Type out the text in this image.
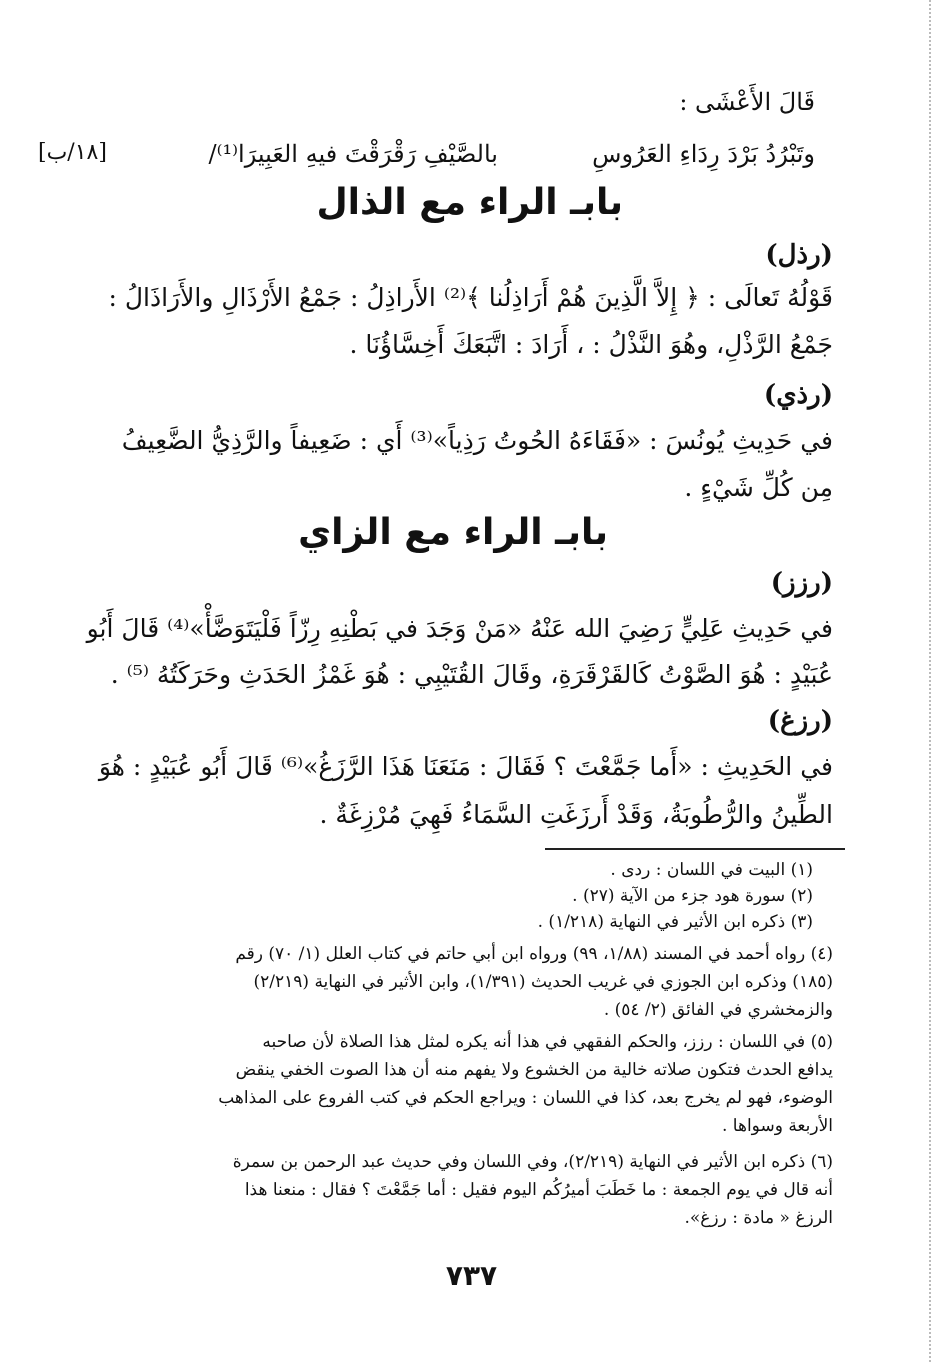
قَالَ الأَعْشَى :
[١٨/ب]	وتَبْرُدُ بَرْدَ رِدَاءِ العَرُوسِ
بالصَّيْفِ رَقْرَقْتَ فيهِ العَبِيرَا⁽¹⁾/
بابـ الراء مع الذال
(رذل)
قَوْلُهُ تَعالَى : ﴿ إِلاَّ الَّذِينَ هُمْ أَرَاذِلُنا ﴾⁽²⁾ الأَراذِلُ : جَمْعُ الأَرْذَالِ والأَرَاذَالُ :
جَمْعُ الرَّذْلِ، وهُوَ النَّذْلُ : ، أَرَادَ : اتَّبَعَكَ أَخِسَّاؤُنَا .
(رذي)
في حَدِيثِ يُونُسَ : «فَقَاءَهُ الحُوتُ رَذِياً»⁽³⁾ أَي : ضَعِيفاً والرَّذِيُّ الضَّعِيفُ
مِن كُلِّ شَيْءٍ .
بابـ الراء مع الزاي
(رزز)
في حَدِيثِ عَلِيٍّ رَضِيَ الله عَنْهُ «مَنْ وَجَدَ في بَطْنِهِ رِزّاً فَلْيَتَوَضَّأْ»⁽⁴⁾ قَالَ أَبُو
عُبَيْدٍ : هُوَ الصَّوْتُ كَالقَرْقَرَةِ، وقَالَ القُتَيْبِي : هُوَ غَمْزُ الحَدَثِ وحَرَكَتُهُ ⁽⁵⁾ .
(رزغ)
في الحَدِيثِ : «أَما جَمَّعْتَ ؟ فَقَالَ : مَنَعَنَا هَذَا الرَّزَغُ»⁽⁶⁾ قَالَ أَبُو عُبَيْدٍ : هُوَ
الطِّينُ والرُّطُوبَةُ، وَقَدْ أَرزَغَتِ السَّمَاءُ فَهِيَ مُرْزِغَةٌ .
(١) البيت في اللسان : ردى .
(٢) سورة هود جزء من الآية (٢٧) .
(٣) ذكره ابن الأثير في النهاية (١/٢١٨) .
(٤) رواه أحمد في المسند (١/٨٨، ٩٩) ورواه ابن أبي حاتم في كتاب العلل (١/ ٧٠) رقم
(١٨٥) وذكره ابن الجوزي في غريب الحديث (١/٣٩١)، وابن الأثير في النهاية (٢/٢١٩)
والزمخشري في الفائق (٢/ ٥٤) .
(٥) في اللسان : رزز، والحكم الفقهي في هذا أنه يكره لمثل هذا الصلاة لأن صاحبه
يدافع الحدث فتكون صلاته خالية من الخشوع ولا يفهم منه أن هذا الصوت الخفي ينقض
الوضوء، فهو لم يخرج بعد، كذا في اللسان : ويراجع الحكم في كتب الفروع على المذاهب
الأربعة وسواها .
(٦) ذكره ابن الأثير في النهاية (٢/٢١٩)، وفي اللسان وفي حديث عبد الرحمن بن سمرة
أنه قال في يوم الجمعة : ما خَطَبَ أميرُكُم اليوم فقيل : أما جَمَّعْتَ ؟ فقال : منعنا هذا
الرزغ « مادة : رزغ».
٧٣٧
